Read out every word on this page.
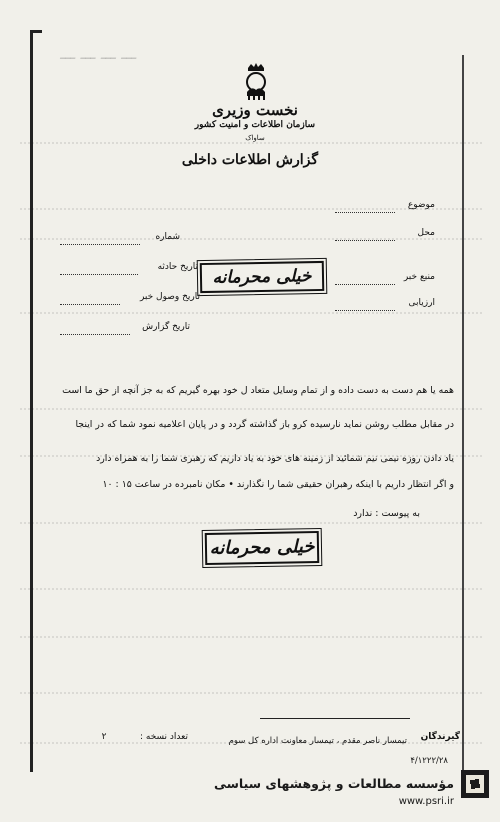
ـــ ـــ ـــ ـــ
نخست وزیری
سازمان اطلاعات و امنیت کشور
ساواک
گزارش اطلاعات داخلی
موضوع
محل
منبع خبر
ارزیابی
شماره
تاریخ حادثه
تاریخ وصول خبر
تاریخ گزارش
خیلی محرمانه
همه یا هم دست به دست داده و از تمام وسایل متعاد ل خود بهره گیریم که به جز آنچه از حق ما است
در مقابل مطلب روشن نماید نارسیده کرو باز گذاشته گردد و در پایان اعلامیه نمود شما که در اینجا
یاد دادن روزه نیمی نیم شمائید از زمینه های خود به یاد داریم که رهبری شما را به همراه دارد
و اگر انتظار داریم با اینکه رهبران حقیقی شما را نگذارند • مکان نامبرده در ساعت ۱۵ : ۱۰
به پیوست : ندارد
خیلی محرمانه
گیرندگان
تیمسار ناصر مقدم ، تیمسار معاونت اداره کل سوم
تعداد نسخه :
۲
۴/۱۲۲۲/۲۸
مؤسسه مطالعات و پژوهشهای سیاسی
www.psri.ir
